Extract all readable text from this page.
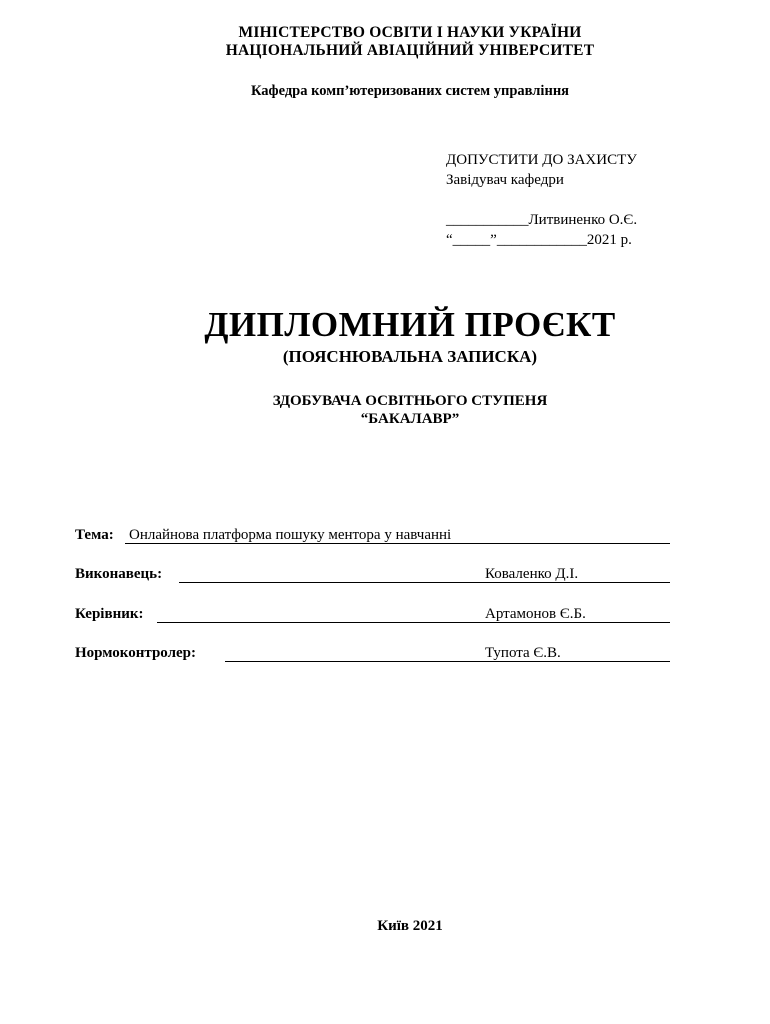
МІНІСТЕРСТВО ОСВІТИ І НАУКИ УКРАЇНИ
НАЦІОНАЛЬНИЙ АВІАЦІЙНИЙ УНІВЕРСИТЕТ
Кафедра комп’ютеризованих систем управління
ДОПУСТИТИ ДО ЗАХИСТУ
Завідувач кафедри
___________Литвиненко О.Є.
“_____”____________2021 р.
ДИПЛОМНИЙ ПРОЄКТ
(ПОЯСНЮВАЛЬНА ЗАПИСКА)
ЗДОБУВАЧА ОСВІТНЬОГО СТУПЕНЯ
“БАКАЛАВР”
Тема: Онлайнова платформа пошуку ментора у навчанні
Виконавець:	Коваленко Д.І.
Керівник:	Артамонов Є.Б.
Нормоконтролер:	Тупота Є.В.
Київ 2021
